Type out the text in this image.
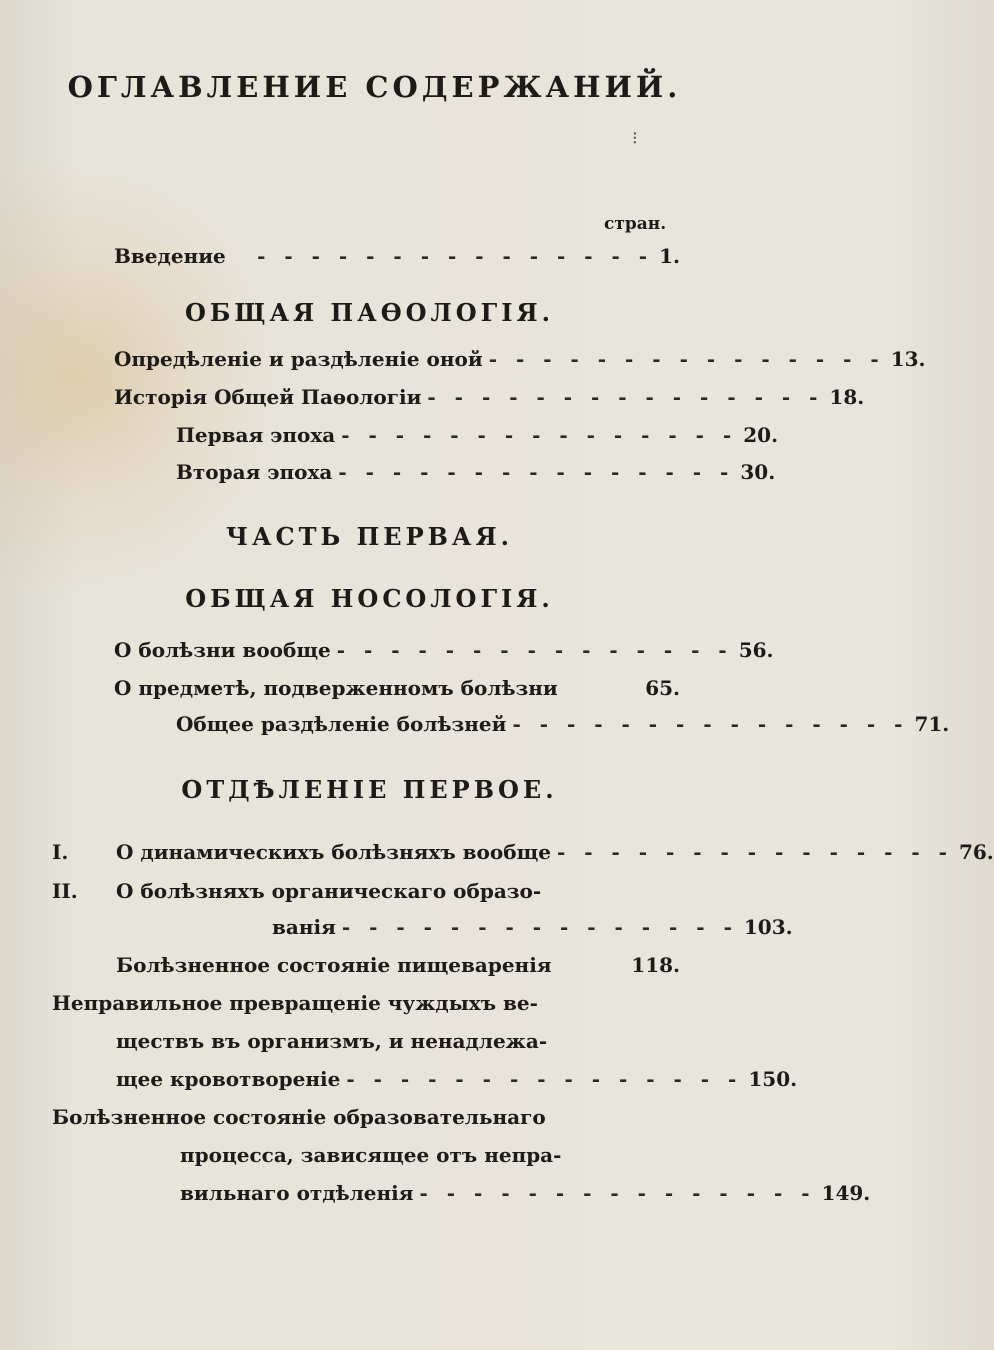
ОГЛАВЛЕНИЕ СОДЕРЖАНИЙ.
⁝
стран.
Введение	- - - - - - - - - - - - - - - 1.
ОБЩАЯ ПАӨОЛОГІЯ.
Опредѣленіе и раздѣленіе оной - - - - - - - - - - - - - - - 13.
Исторія Общей Паѳологіи - - - - - - - - - - - - - - - 18.
Первая эпоха - - - - - - - - - - - - - - - 20.
Вторая эпоха - - - - - - - - - - - - - - - 30.
ЧАСТЬ ПЕРВАЯ.
ОБЩАЯ НОСОЛОГІЯ.
О болѣзни вообще - - - - - - - - - - - - - - - 56.
О предметѣ, подверженномъ болѣзни	65.
Общее раздѣленіе болѣзней - - - - - - - - - - - - - - - 71.
ОТДѢЛЕНІЕ ПЕРВОЕ.
I. О динамическихъ болѣзняхъ вообще - - - - - - - - - - - - - - - 76.
II. О болѣзняхъ органическаго образо-
ванія - - - - - - - - - - - - - - - 103.
Болѣзненное состояніе пищеваренія	118.
Неправильное превращеніе чуждыхъ ве-
ществъ въ организмъ, и ненадлежа-
щее кровотвореніе - - - - - - - - - - - - - - - 150.
Болѣзненное состояніе образовательнаго
процесса, зависящее отъ непра-
вильнаго отдѣленія - - - - - - - - - - - - - - - 149.
